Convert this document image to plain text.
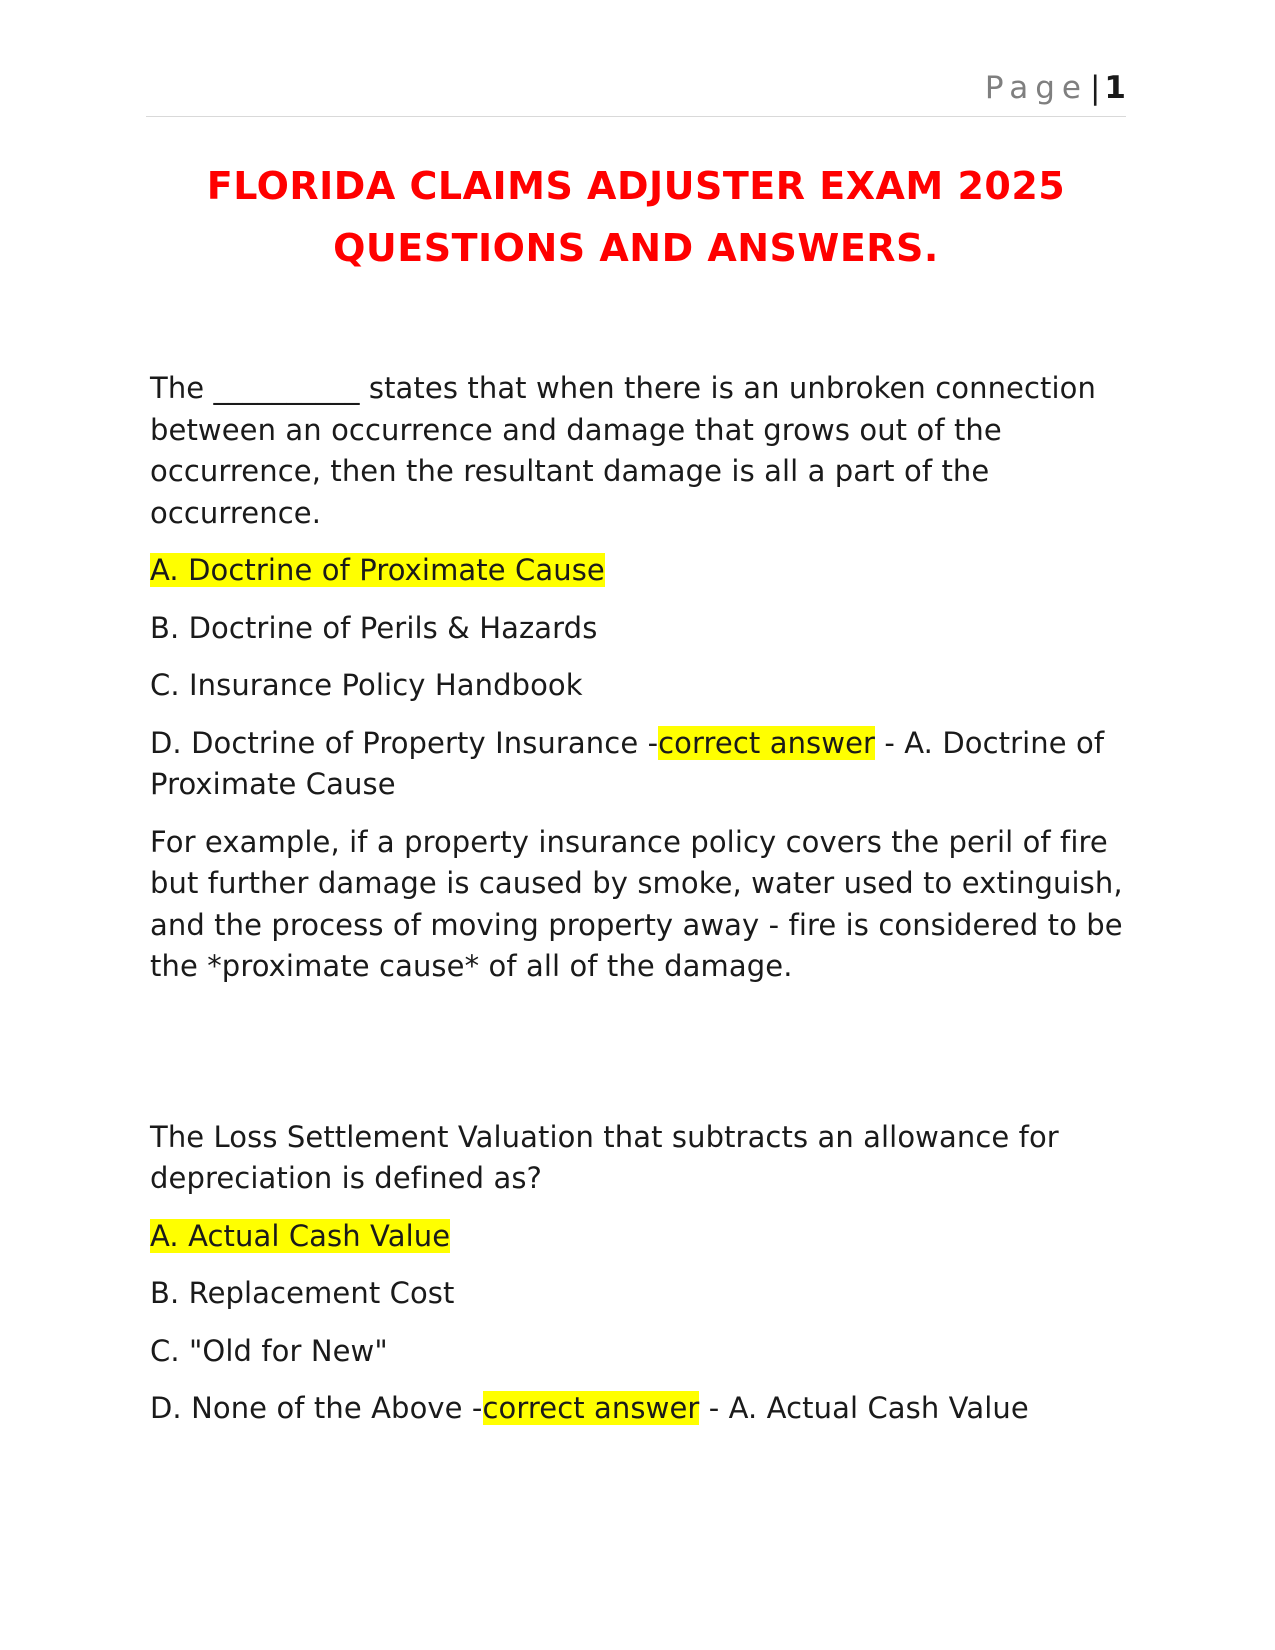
Page| 1
FLORIDA CLAIMS ADJUSTER EXAM 2025
QUESTIONS AND ANSWERS.

The __________ states that when there is an unbroken connection between an occurrence and damage that grows out of the occurrence, then the resultant damage is all a part of the occurrence.

A. Doctrine of Proximate Cause

B. Doctrine of Perils & Hazards

C. Insurance Policy Handbook

D. Doctrine of Property Insurance -correct answer - A. Doctrine of Proximate Cause

For example, if a property insurance policy covers the peril of fire but further damage is caused by smoke, water used to extinguish, and the process of moving property away - fire is considered to be the *proximate cause* of all of the damage.

The Loss Settlement Valuation that subtracts an allowance for depreciation is defined as?

A. Actual Cash Value

B. Replacement Cost

C. "Old for New"

D. None of the Above -correct answer - A. Actual Cash Value
